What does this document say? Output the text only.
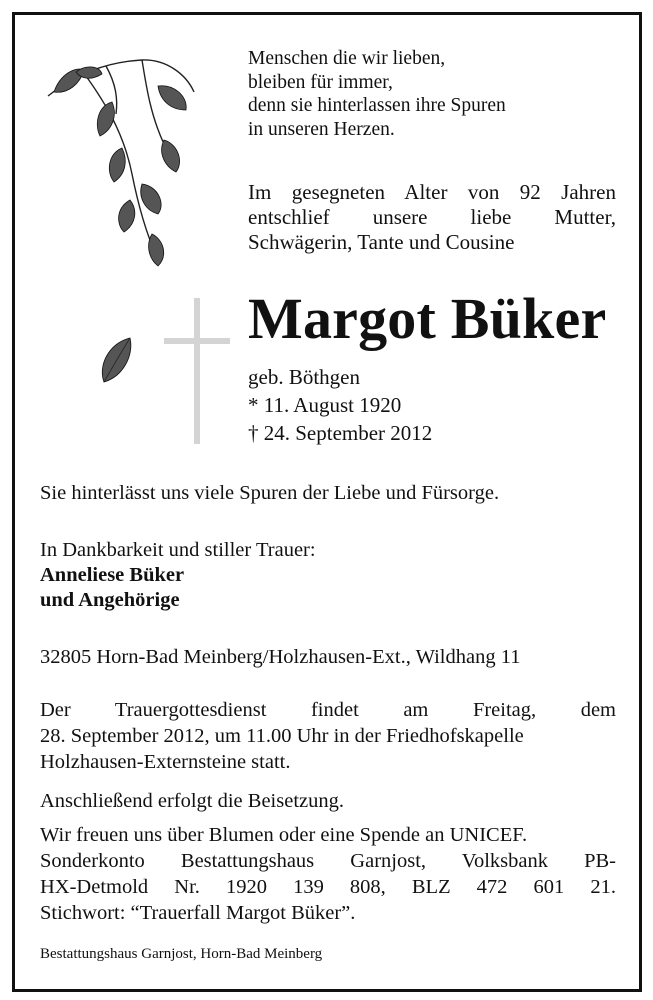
Menschen die wir lieben,
bleiben für immer,
denn sie hinterlassen ihre Spuren
in unseren Herzen.
Im gesegneten Alter von 92 Jahren
entschlief unsere liebe Mutter,
Schwägerin, Tante und Cousine
Margot Büker
geb. Böthgen
* 11. August 1920
† 24. September 2012
Sie hinterlässt uns viele Spuren der Liebe und Fürsorge.
In Dankbarkeit und stiller Trauer:
Anneliese Büker
und Angehörige
32805 Horn-Bad Meinberg/Holzhausen-Ext., Wildhang 11
Der Trauergottesdienst findet am Freitag, dem
28. September 2012, um 11.00 Uhr in der Friedhofskapelle
Holzhausen-Externsteine statt.
Anschließend erfolgt die Beisetzung.
Wir freuen uns über Blumen oder eine Spende an UNICEF.
Sonderkonto Bestattungshaus Garnjost, Volksbank PB-
HX-Detmold Nr. 1920 139 808, BLZ 472 601 21.
Stichwort: “Trauerfall Margot Büker”.
Bestattungshaus Garnjost, Horn-Bad Meinberg
